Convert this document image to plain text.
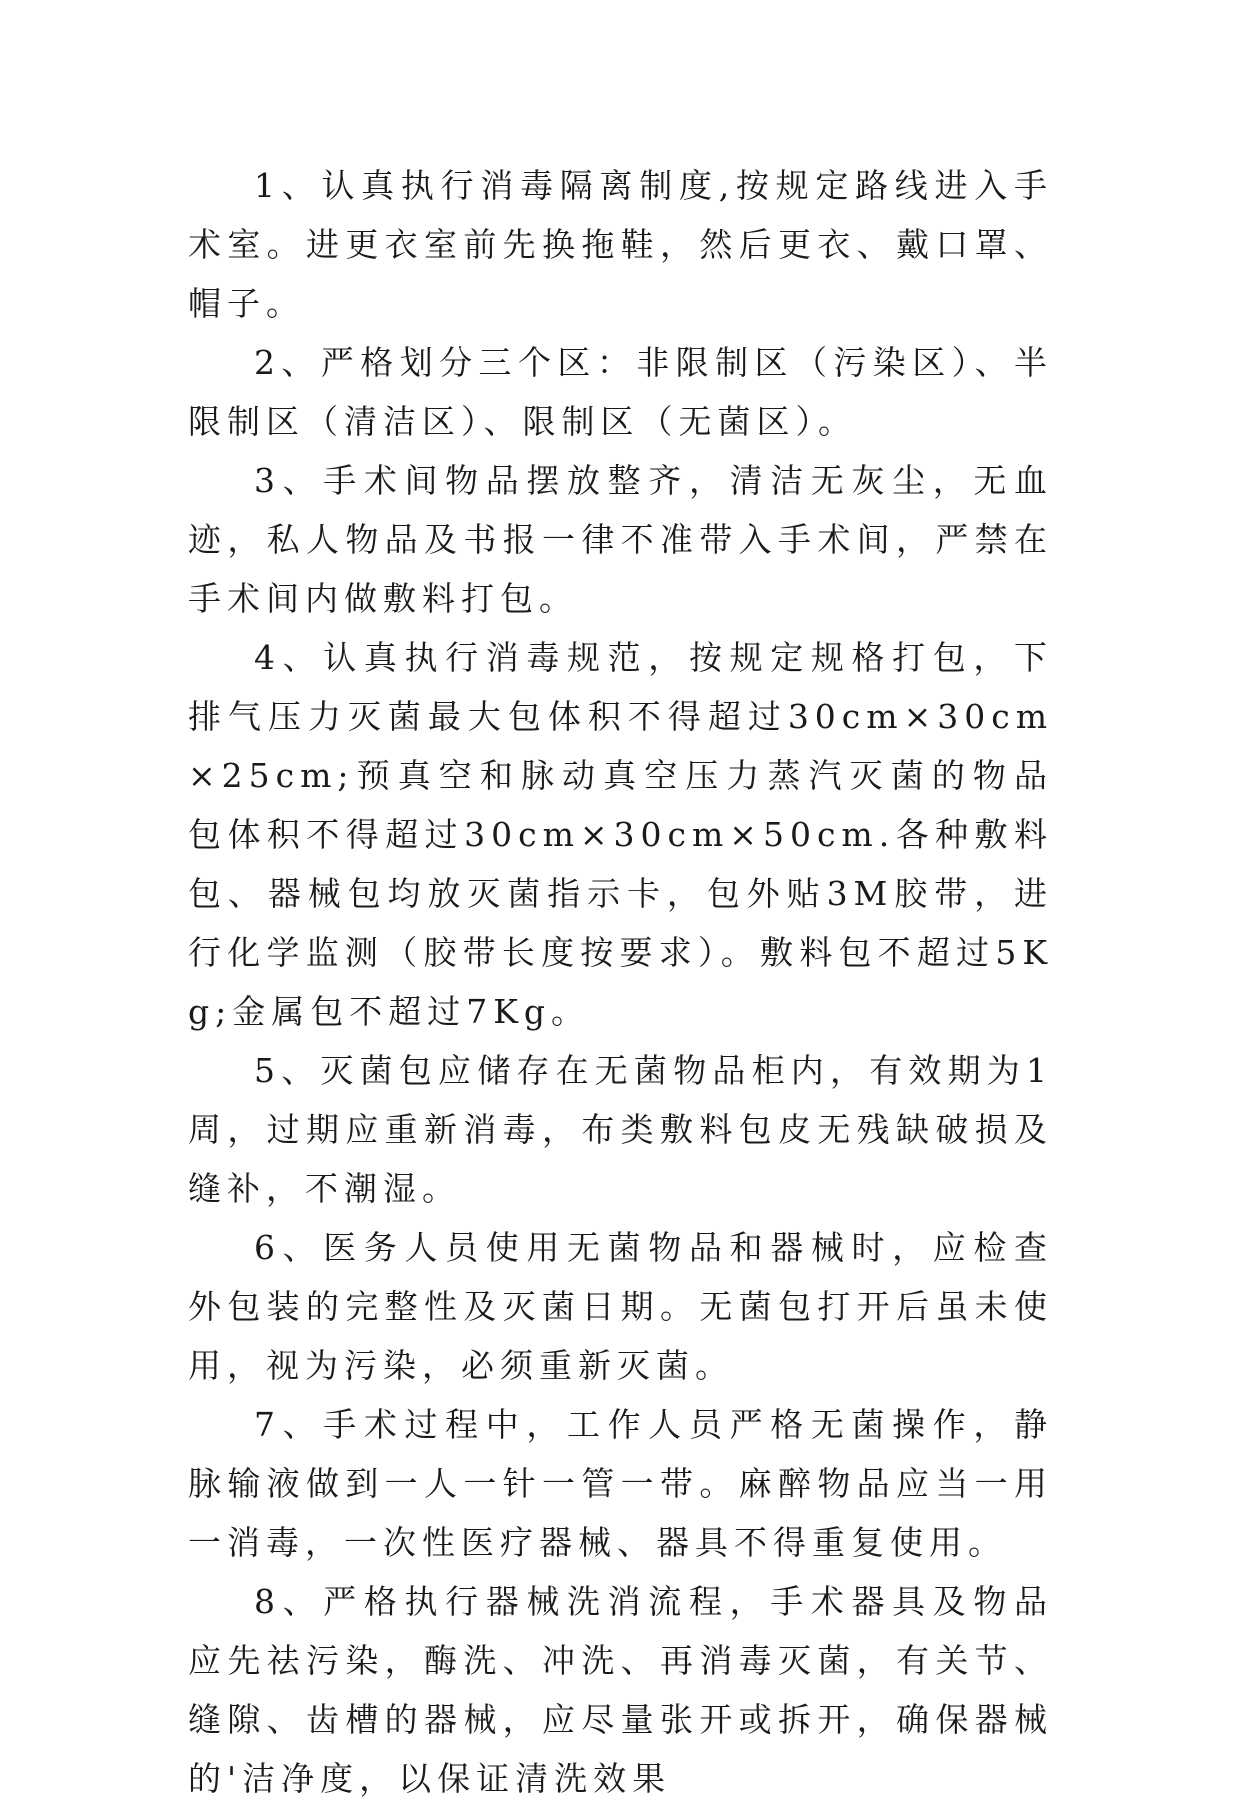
1、认真执行消毒隔离制度,按规定路线进入手术室。进更衣室前先换拖鞋，然后更衣、戴口罩、帽子。

2、严格划分三个区：非限制区（污染区）、半限制区（清洁区）、限制区（无菌区）。

3、手术间物品摆放整齐，清洁无灰尘，无血迹，私人物品及书报一律不准带入手术间，严禁在手术间内做敷料打包。

4、认真执行消毒规范，按规定规格打包，下排气压力灭菌最大包体积不得超过30cm×30cm×25cm;预真空和脉动真空压力蒸汽灭菌的物品包体积不得超过30cm×30cm×50cm.各种敷料包、器械包均放灭菌指示卡，包外贴3M胶带，进行化学监测（胶带长度按要求）。敷料包不超过5Kg;金属包不超过7Kg。

5、灭菌包应储存在无菌物品柜内，有效期为1周，过期应重新消毒，布类敷料包皮无残缺破损及缝补，不潮湿。

6、医务人员使用无菌物品和器械时，应检查外包装的完整性及灭菌日期。无菌包打开后虽未使用，视为污染，必须重新灭菌。

7、手术过程中，工作人员严格无菌操作，静脉输液做到一人一针一管一带。麻醉物品应当一用一消毒，一次性医疗器械、器具不得重复使用。

8、严格执行器械洗消流程，手术器具及物品应先祛污染，酶洗、冲洗、再消毒灭菌，有关节、缝隙、齿槽的器械，应尽量张开或拆开，确保器械的'洁净度，以保证清洗效果
